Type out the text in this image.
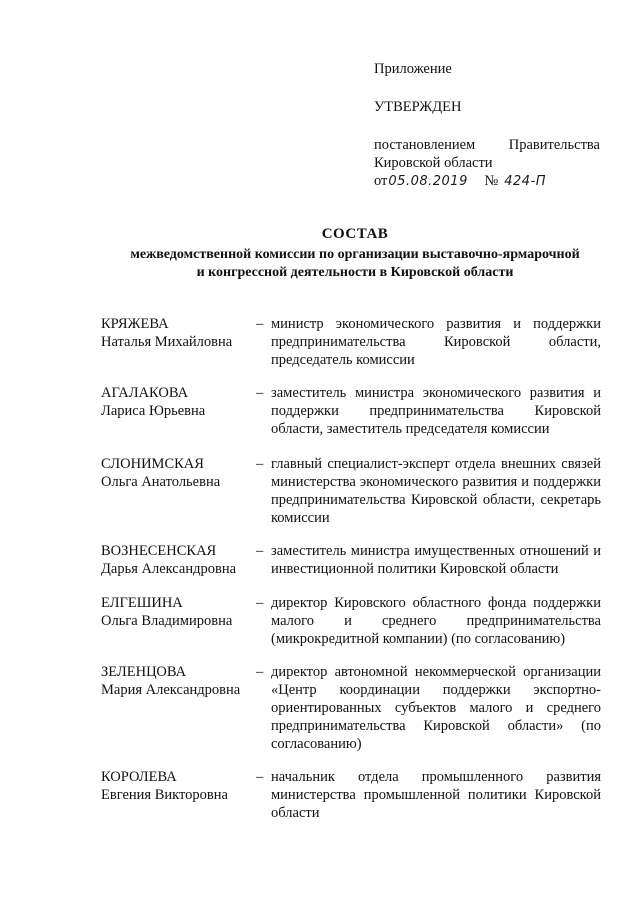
Приложение
УТВЕРЖДЕН
постановлением Правительства
Кировской области
от 05.08.2019	№ 424-П
СОСТАВ
межведомственной комиссии по организации выставочно-ярмарочной
и конгрессной деятельности в Кировской области
КРЯЖЕВА
Наталья Михайловна
– министр экономического развития и поддержки предпринимательства Кировской области, председатель комиссии
АГАЛАКОВА
Лариса Юрьевна
– заместитель министра экономического развития и поддержки предпринимательства Кировской области, заместитель председателя комиссии
СЛОНИМСКАЯ
Ольга Анатольевна
– главный специалист-эксперт отдела внешних связей министерства экономического развития и поддержки предпринимательства Кировской области, секретарь комиссии
ВОЗНЕСЕНСКАЯ
Дарья Александровна
– заместитель министра имущественных отношений и инвестиционной политики Кировской области
ЕЛГЕШИНА
Ольга Владимировна
– директор Кировского областного фонда поддержки малого и среднего предпринимательства (микрокредитной компании) (по согласованию)
ЗЕЛЕНЦОВА
Мария Александровна
– директор автономной некоммерческой организации «Центр координации поддержки экспортно-ориентированных субъектов малого и среднего предпринимательства Кировской области» (по согласованию)
КОРОЛЕВА
Евгения Викторовна
– начальник отдела промышленного развития министерства промышленной политики Кировской области
